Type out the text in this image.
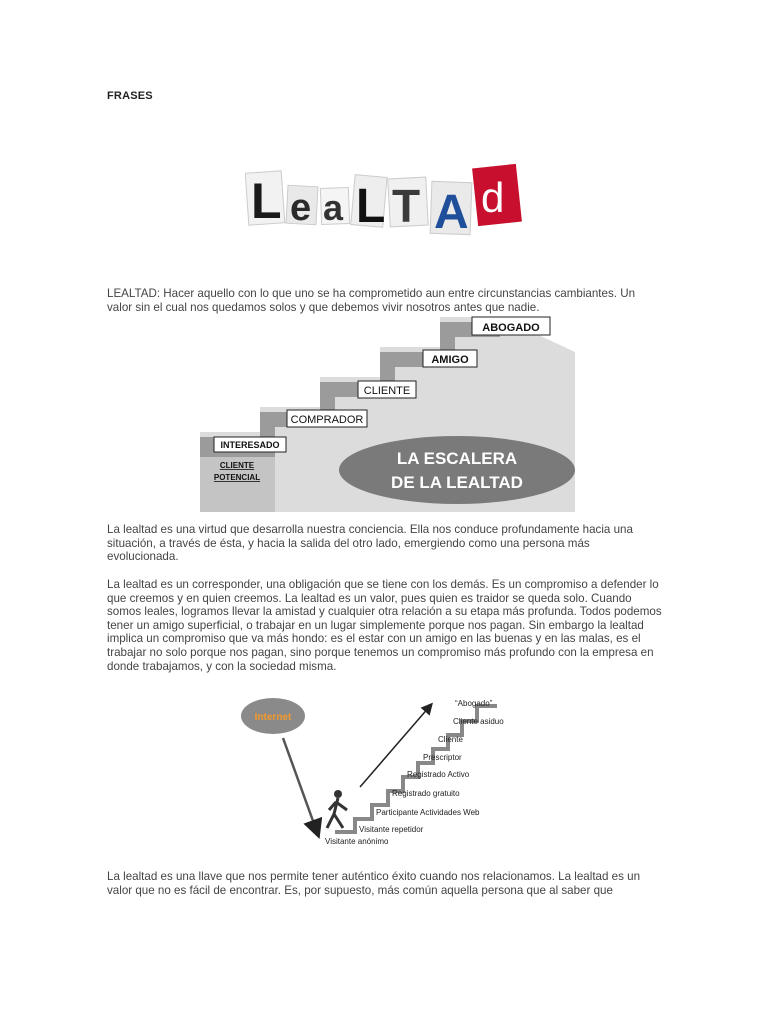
FRASES
L e a L T A d

LEALTAD: Hacer aquello con lo que uno se ha comprometido aun entre circunstancias cambiantes. Un valor sin el cual nos quedamos solos y que debemos vivir nosotros antes que nadie.

ABOGADO
AMIGO
CLIENTE
COMPRADOR
INTERESADO
CLIENTE
POTENCIAL
LA ESCALERA
DE LA LEALTAD

La lealtad es una virtud que desarrolla nuestra conciencia. Ella nos conduce profundamente hacia una situación, a través de ésta, y hacia la salida del otro lado, emergiendo como una persona más evolucionada.

La lealtad es un corresponder, una obligación que se tiene con los demás. Es un compromiso a defender lo que creemos y en quien creemos. La lealtad es un valor, pues quien es traidor se queda solo. Cuando somos leales, logramos llevar la amistad y cualquier otra relación a su etapa más profunda. Todos podemos tener un amigo superficial, o trabajar en un lugar simplemente porque nos pagan. Sin embargo la lealtad implica un compromiso que va más hondo: es el estar con un amigo en las buenas y en las malas, es el trabajar no solo porque nos pagan, sino porque tenemos un compromiso más profundo con la empresa en donde trabajamos, y con la sociedad misma.

Internet
“Abogado”
Cliente asiduo
Cliente
Prescriptor
Registrado Activo
Registrado gratuito
Participante Actividades Web
Visitante repetidor
Visitante anónimo

La lealtad es una llave que nos permite tener auténtico éxito cuando nos relacionamos. La lealtad es un valor que no es fácil de encontrar. Es, por supuesto, más común aquella persona que al saber que
